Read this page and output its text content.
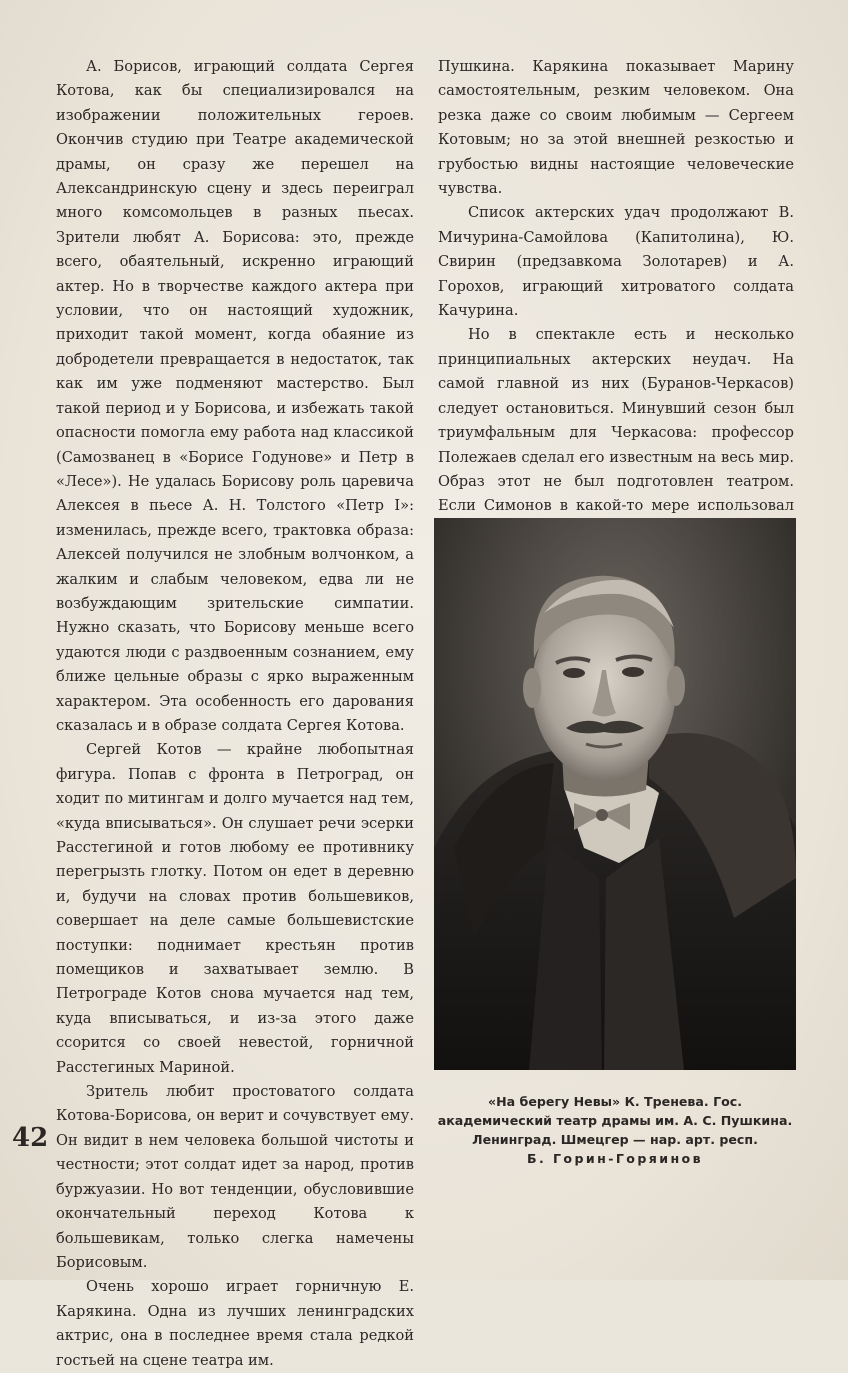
А. Борисов, играющий солдата Сергея Котова, как бы специализировался на изображении положительных героев. Окончив студию при Театре академической драмы, он сразу же перешел на Александринскую сцену и здесь переиграл много комсомольцев в разных пьесах. Зрители любят А. Борисова: это, прежде всего, обаятельный, искренно играющий актер. Но в творчестве каждого актера при условии, что он настоящий художник, приходит такой момент, когда обаяние из добродетели превращается в недостаток, так как им уже подменяют мастерство. Был такой период и у Борисова, и избежать такой опасности помогла ему работа над классикой (Самозванец в «Борисе Годунове» и Петр в «Лесе»). Не удалась Борисову роль царевича Алексея в пьесе А. Н. Толстого «Петр I»: изменилась, прежде всего, трактовка образа: Алексей получился не злобным волчонком, а жалким и слабым человеком, едва ли не возбуждающим зрительские симпатии. Нужно сказать, что Борисову меньше всего удаются люди с раздвоенным сознанием, ему ближе цельные образы с ярко выраженным характером. Эта особенность его дарования сказалась и в образе солдата Сергея Котова.

Сергей Котов — крайне любопытная фигура. Попав с фронта в Петроград, он ходит по митингам и долго мучается над тем, «куда вписываться». Он слушает речи эсерки Расстегиной и готов любому ее противнику перегрызть глотку. Потом он едет в деревню и, будучи на словах против большевиков, совершает на деле самые большевистские поступки: поднимает крестьян против помещиков и захватывает землю. В Петрограде Котов снова мучается над тем, куда вписываться, и из-за этого даже ссорится со своей невестой, горничной Расстегиных Мариной.

Зритель любит простоватого солдата Котова-Борисова, он верит и сочувствует ему. Он видит в нем человека большой чистоты и честности; этот солдат идет за народ, против буржуазии. Но вот тенденции, обусловившие окончательный переход Котова к большевикам, только слегка намечены Борисовым.

Очень хорошо играет горничную Е. Карякина. Одна из лучших ленинградских актрис, она в последнее время стала редкой гостьей на сцене театра им.

Пушкина. Карякина показывает Марину самостоятельным, резким человеком. Она резка даже со своим любимым — Сергеем Котовым; но за этой внешней резкостью и грубостью видны настоящие человеческие чувства.

Список актерских удач продолжают В. Мичурина-Самойлова (Капитолина), Ю. Свирин (предзавкома Золотарев) и А. Горохов, играющий хитроватого солдата Качурина.

Но в спектакле есть и несколько принципиальных актерских неудач. На самой главной из них (Буранов-Черкасов) следует остановиться. Минувший сезон был триумфальным для Черкасова: профессор Полежаев сделал его известным на весь мир. Образ этот не был подготовлен театром. Если Симонов в какой-то мере использовал

«На берегу Невы» К. Тренева. Гос. академический театр драмы им. А. С. Пушкина. Ленинград. Шмецгер — нар. арт. респ.
Б. Горин-Горяинов
42
